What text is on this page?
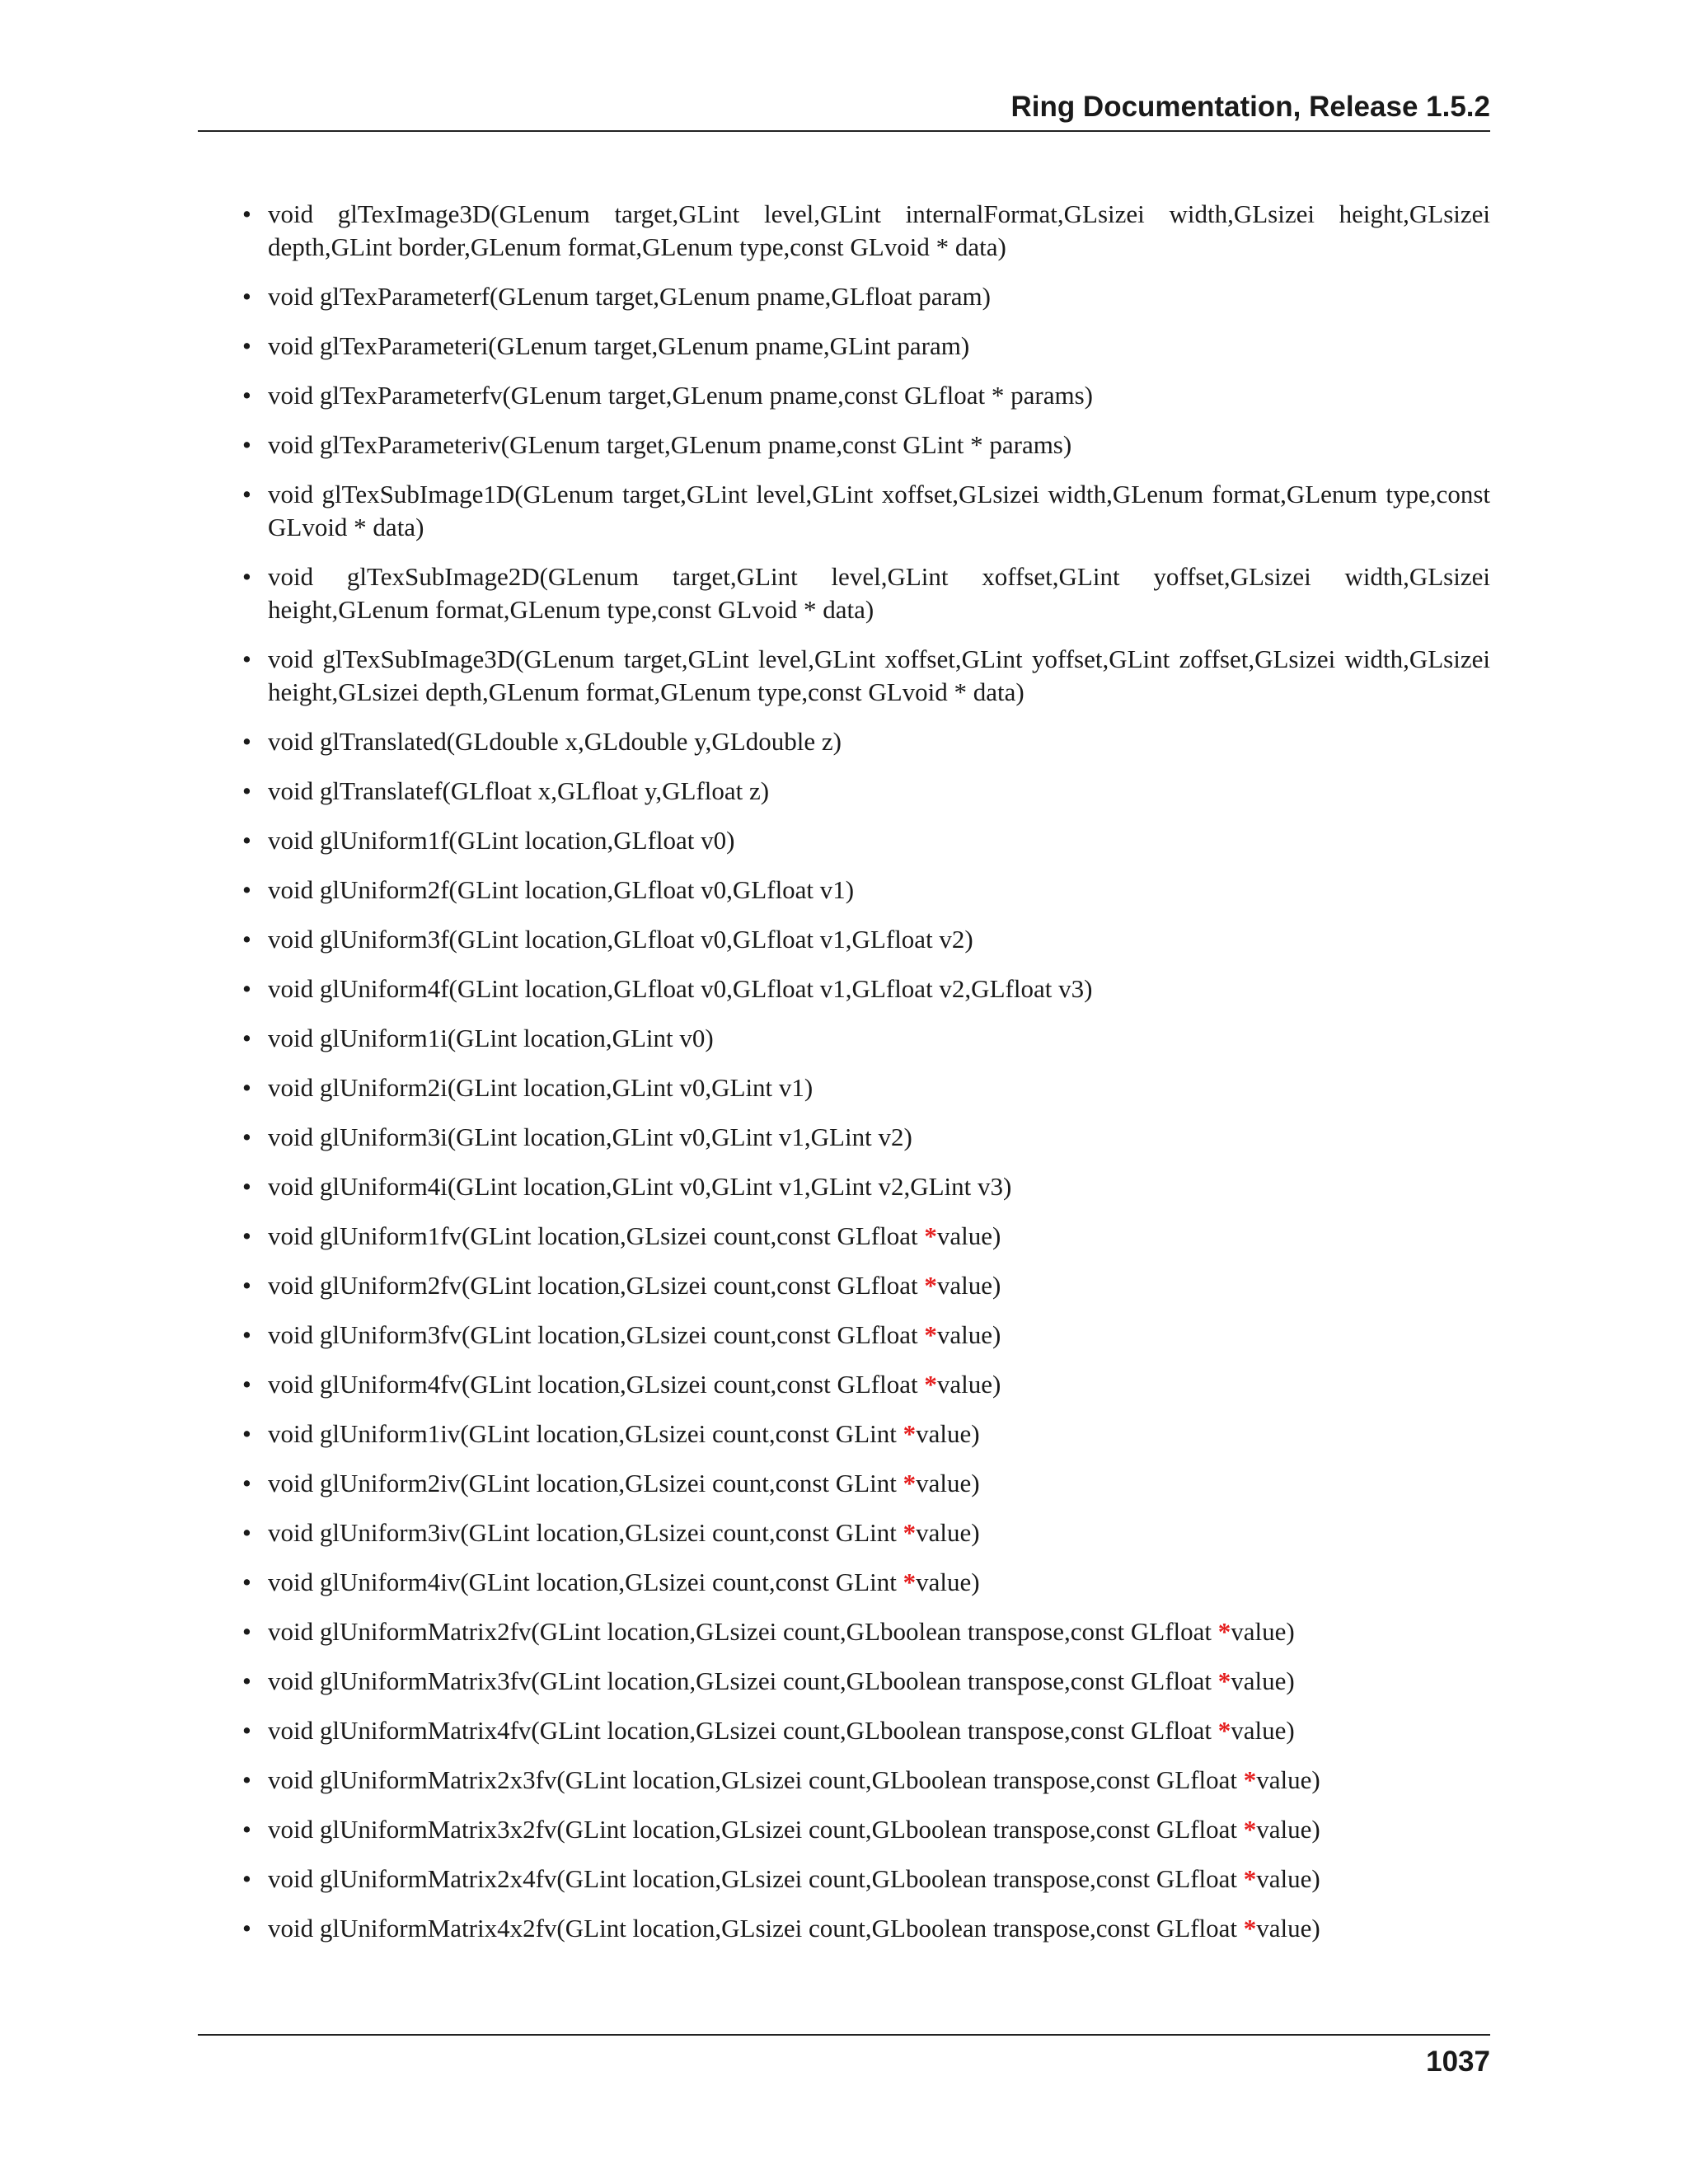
Ring Documentation, Release 1.5.2
• void glTexImage3D(GLenum target,GLint level,GLint internalFormat,GLsizei width,GLsizei height,GLsizei depth,GLint border,GLenum format,GLenum type,const GLvoid * data)
• void glTexParameterf(GLenum target,GLenum pname,GLfloat param)
• void glTexParameteri(GLenum target,GLenum pname,GLint param)
• void glTexParameterfv(GLenum target,GLenum pname,const GLfloat * params)
• void glTexParameteriv(GLenum target,GLenum pname,const GLint * params)
• void glTexSubImage1D(GLenum target,GLint level,GLint xoffset,GLsizei width,GLenum format,GLenum type,const GLvoid * data)
• void glTexSubImage2D(GLenum target,GLint level,GLint xoffset,GLint yoffset,GLsizei width,GLsizei height,GLenum format,GLenum type,const GLvoid * data)
• void glTexSubImage3D(GLenum target,GLint level,GLint xoffset,GLint yoffset,GLint zoffset,GLsizei width,GLsizei height,GLsizei depth,GLenum format,GLenum type,const GLvoid * data)
• void glTranslated(GLdouble x,GLdouble y,GLdouble z)
• void glTranslatef(GLfloat x,GLfloat y,GLfloat z)
• void glUniform1f(GLint location,GLfloat v0)
• void glUniform2f(GLint location,GLfloat v0,GLfloat v1)
• void glUniform3f(GLint location,GLfloat v0,GLfloat v1,GLfloat v2)
• void glUniform4f(GLint location,GLfloat v0,GLfloat v1,GLfloat v2,GLfloat v3)
• void glUniform1i(GLint location,GLint v0)
• void glUniform2i(GLint location,GLint v0,GLint v1)
• void glUniform3i(GLint location,GLint v0,GLint v1,GLint v2)
• void glUniform4i(GLint location,GLint v0,GLint v1,GLint v2,GLint v3)
• void glUniform1fv(GLint location,GLsizei count,const GLfloat *value)
• void glUniform2fv(GLint location,GLsizei count,const GLfloat *value)
• void glUniform3fv(GLint location,GLsizei count,const GLfloat *value)
• void glUniform4fv(GLint location,GLsizei count,const GLfloat *value)
• void glUniform1iv(GLint location,GLsizei count,const GLint *value)
• void glUniform2iv(GLint location,GLsizei count,const GLint *value)
• void glUniform3iv(GLint location,GLsizei count,const GLint *value)
• void glUniform4iv(GLint location,GLsizei count,const GLint *value)
• void glUniformMatrix2fv(GLint location,GLsizei count,GLboolean transpose,const GLfloat *value)
• void glUniformMatrix3fv(GLint location,GLsizei count,GLboolean transpose,const GLfloat *value)
• void glUniformMatrix4fv(GLint location,GLsizei count,GLboolean transpose,const GLfloat *value)
• void glUniformMatrix2x3fv(GLint location,GLsizei count,GLboolean transpose,const GLfloat *value)
• void glUniformMatrix3x2fv(GLint location,GLsizei count,GLboolean transpose,const GLfloat *value)
• void glUniformMatrix2x4fv(GLint location,GLsizei count,GLboolean transpose,const GLfloat *value)
• void glUniformMatrix4x2fv(GLint location,GLsizei count,GLboolean transpose,const GLfloat *value)
1037
